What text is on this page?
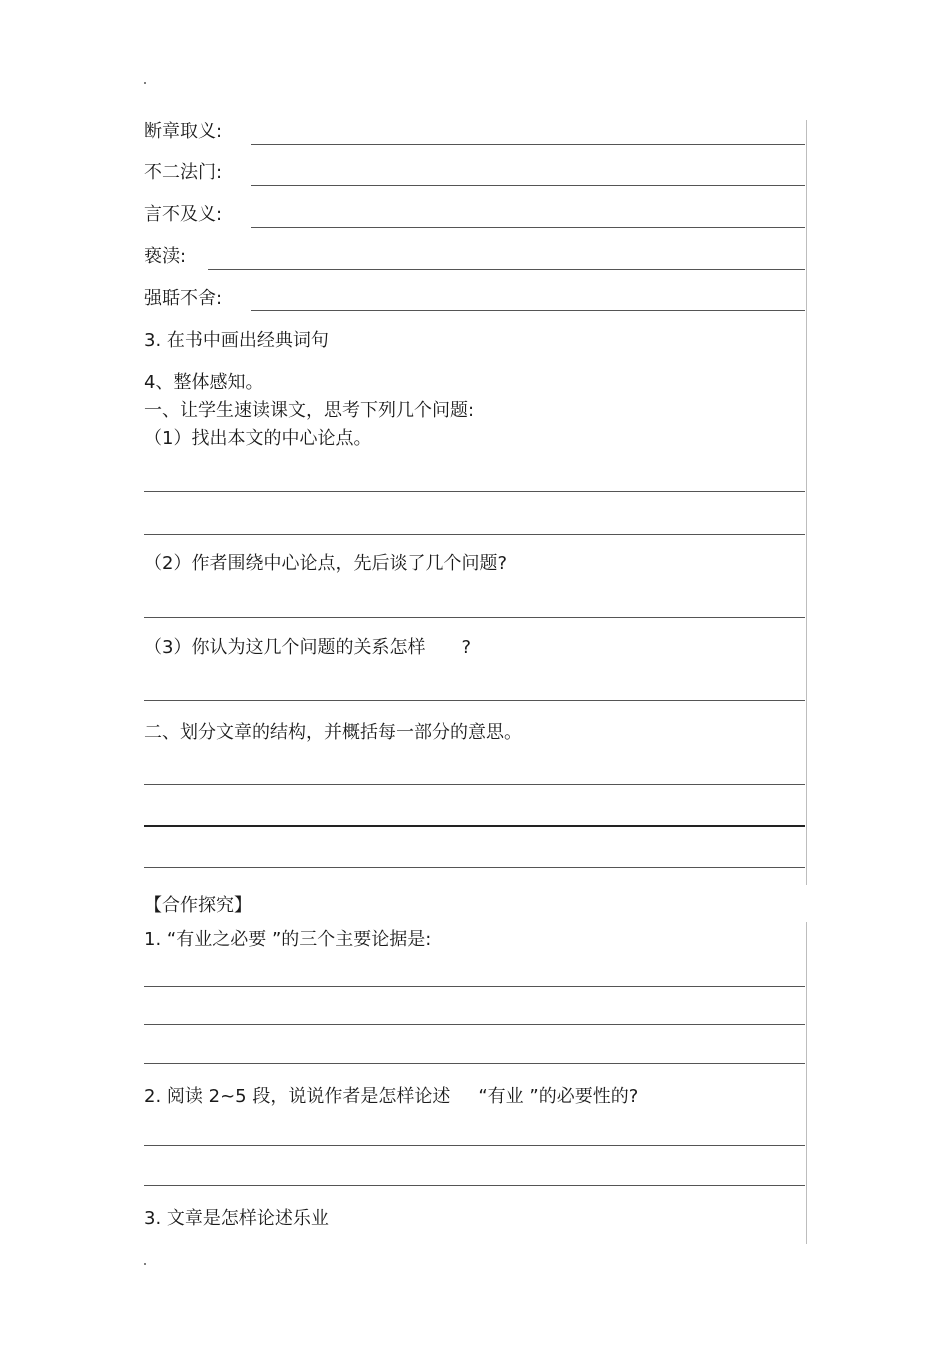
断章取义:
不二法门:
言不及义:
亵渎:
强聒不舍:
3. 在书中画出经典词句
4、整体感知。
一、让学生速读课文，思考下列几个问题:
（1）找出本文的中心论点。
（2）作者围绕中心论点，先后谈了几个问题?
（3）你认为这几个问题的关系怎样 ?
二、划分文章的结构，并概括每一部分的意思。
【合作探究】
1. “有业之必要 ”的三个主要论据是:
2. 阅读 2~5 段，说说作者是怎样论述 “有业 ”的必要性的?
3. 文章是怎样论述乐业
